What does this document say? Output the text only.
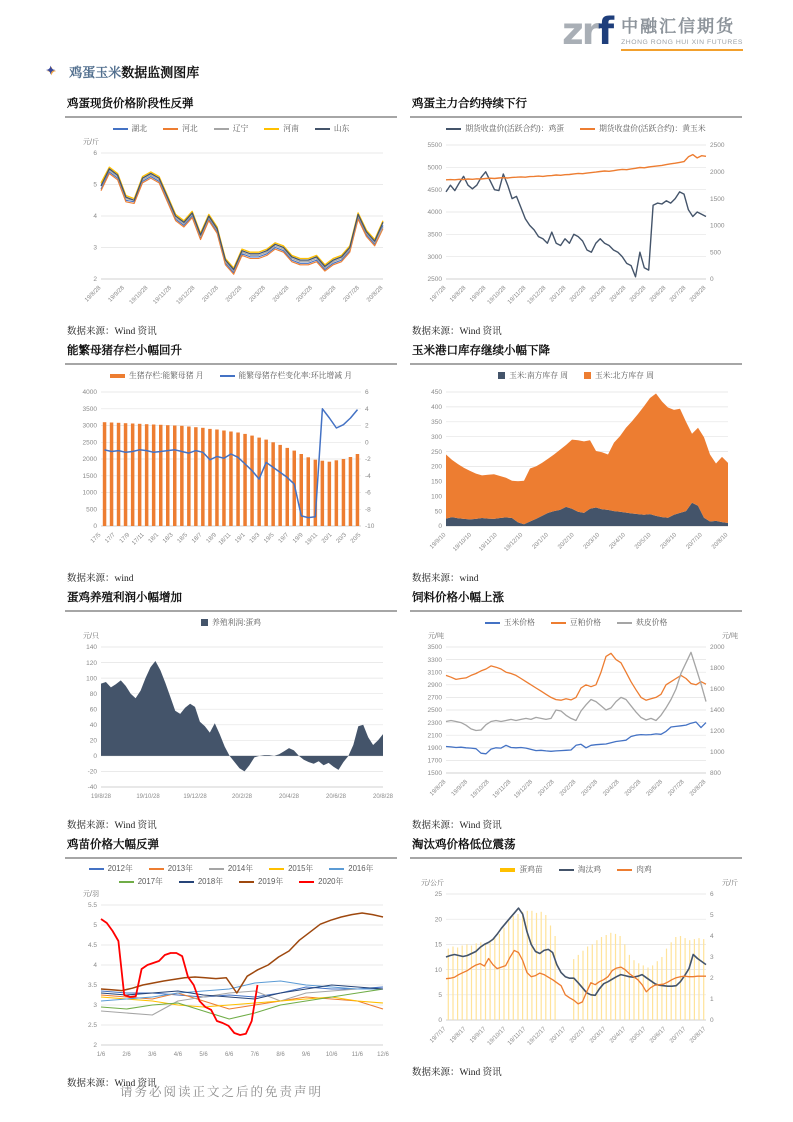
zrf 中融汇信期货
ZHONG RONG HUI XIN FUTURES
✦ 鸡蛋玉米数据监测图库
鸡蛋现货价格阶段性反弹
湖北	河北	辽宁	河南	山东
6
5
4
3
2
元/斤
19/8/28 19/9/28 19/10/28 19/11/28 19/12/28 20/1/28 20/2/28 20/3/28 20/4/28 20/5/28 20/6/28 20/7/28 20/8/28
数据来源：Wind 资讯
鸡蛋主力合约持续下行
期货收盘价(活跃合约)：鸡蛋	期货收盘价(活跃合约)：黄玉米
5500
5000
4500
4000
3500
3000
2500
2500
2000
1500
1000
500
0
19/7/28 19/8/28 19/9/28 19/10/28 19/11/28 19/12/28 20/1/28 20/2/28 20/3/28 20/4/28 20/5/28 20/6/28 20/7/28 20/8/28
数据来源：Wind 资讯
能繁母猪存栏小幅回升
生猪存栏:能繁母猪 月	能繁母猪存栏变化率:环比增减 月
4000
3500
3000
2500
2000
1500
1000
500
0
6
4
2
0
-2
-4
-6
-8
-10
17/5 17/7 17/9 17/11 18/1 18/3 18/5 18/7 18/9 18/11 19/1 19/3 19/5 19/7 19/9 19/11 20/1 20/3 20/5
数据来源：wind
玉米港口库存继续小幅下降
玉米:南方库存 周	玉米:北方库存 周
450
400
350
300
250
200
150
100
50
0
19/9/10 19/10/10 19/11/10 19/12/10 20/1/10 20/2/10 20/3/10 20/4/10 20/5/10 20/6/10 20/7/10 20/8/10
数据来源：wind
蛋鸡养殖利润小幅增加
养殖利润:蛋鸡
140
120
100
80
60
40
20
0
-20
-40
元/只
19/8/28	19/10/28	19/12/28	20/2/28	20/4/28	20/6/28	20/8/28
数据来源：Wind 资讯
饲料价格小幅上涨
玉米价格	豆粕价格	麸皮价格
3500
3300
3100
2900
2700
2500
2300
2100
1900
1700
1500
2000
1800
1600
1400
1200
1000
800
元/吨	元/吨
19/8/28 19/9/28 19/10/28 19/11/28 19/12/28 20/1/28 20/2/28 20/3/28 20/4/28 20/5/28 20/6/28 20/7/28 20/8/28
数据来源：Wind 资讯
鸡苗价格大幅反弹
2012年	2013年	2014年	2015年	2016年
2017年	2018年	2019年	2020年
5.5
5
4.5
4
3.5
3
2.5
2
元/羽
1/6	2/6	3/6	4/6	5/6	6/6	7/6	8/6	9/6	10/6 11/6 12/6
数据来源：Wind 资讯
淘汰鸡价格低位震荡
蛋鸡苗	淘汰鸡	肉鸡
25
20
15
10
5
0
6
5
4
3
2
1
0
元/公斤	元/斤
19/7/17 19/8/17 19/9/17 19/10/17 19/11/17 19/12/17 20/1/17 20/2/17 20/3/17 20/4/17 20/5/17 20/6/17 20/7/17 20/8/17
数据来源：Wind 资讯
请务必阅读正文之后的免责声明
